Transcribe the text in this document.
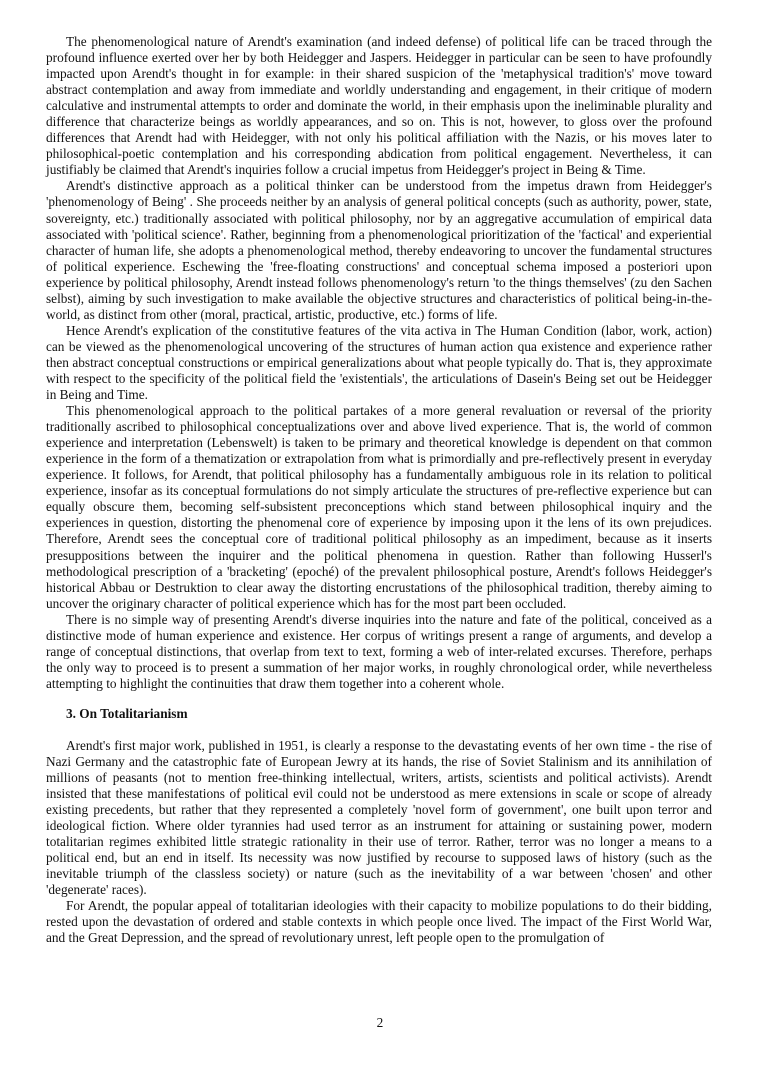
The phenomenological nature of Arendt's examination (and indeed defense) of political life can be traced through the profound influence exerted over her by both Heidegger and Jaspers. Heidegger in particular can be seen to have profoundly impacted upon Arendt's thought in for example: in their shared suspicion of the 'metaphysical tradition's' move toward abstract contemplation and away from immediate and worldly understanding and engagement, in their critique of modern calculative and instrumental attempts to order and dominate the world, in their emphasis upon the ineliminable plurality and difference that characterize beings as worldly appearances, and so on. This is not, however, to gloss over the profound differences that Arendt had with Heidegger, with not only his political affiliation with the Nazis, or his moves later to philosophical-poetic contemplation and his corresponding abdication from political engagement. Nevertheless, it can justifiably be claimed that Arendt's inquiries follow a crucial impetus from Heidegger's project in Being & Time.

Arendt's distinctive approach as a political thinker can be understood from the impetus drawn from Heidegger's 'phenomenology of Being' . She proceeds neither by an analysis of general political concepts (such as authority, power, state, sovereignty, etc.) traditionally associated with political philosophy, nor by an aggregative accumulation of empirical data associated with 'political science'. Rather, beginning from a phenomenological prioritization of the 'factical' and experiential character of human life, she adopts a phenomenological method, thereby endeavoring to uncover the fundamental structures of political experience. Eschewing the 'free-floating constructions' and conceptual schema imposed a posteriori upon experience by political philosophy, Arendt instead follows phenomenology's return 'to the things themselves' (zu den Sachen selbst), aiming by such investigation to make available the objective structures and characteristics of political being-in-the-world, as distinct from other (moral, practical, artistic, productive, etc.) forms of life.

Hence Arendt's explication of the constitutive features of the vita activa in The Human Condition (labor, work, action) can be viewed as the phenomenological uncovering of the structures of human action qua existence and experience rather then abstract conceptual constructions or empirical generalizations about what people typically do. That is, they approximate with respect to the specificity of the political field the 'existentials', the articulations of Dasein's Being set out be Heidegger in Being and Time.

This phenomenological approach to the political partakes of a more general revaluation or reversal of the priority traditionally ascribed to philosophical conceptualizations over and above lived experience. That is, the world of common experience and interpretation (Lebenswelt) is taken to be primary and theoretical knowledge is dependent on that common experience in the form of a thematization or extrapolation from what is primordially and pre-reflectively present in everyday experience. It follows, for Arendt, that political philosophy has a fundamentally ambiguous role in its relation to political experience, insofar as its conceptual formulations do not simply articulate the structures of pre-reflective experience but can equally obscure them, becoming self-subsistent preconceptions which stand between philosophical inquiry and the experiences in question, distorting the phenomenal core of experience by imposing upon it the lens of its own prejudices. Therefore, Arendt sees the conceptual core of traditional political philosophy as an impediment, because as it inserts presuppositions between the inquirer and the political phenomena in question. Rather than following Husserl's methodological prescription of a 'bracketing' (epoché) of the prevalent philosophical posture, Arendt's follows Heidegger's historical Abbau or Destruktion to clear away the distorting encrustations of the philosophical tradition, thereby aiming to uncover the originary character of political experience which has for the most part been occluded.

There is no simple way of presenting Arendt's diverse inquiries into the nature and fate of the political, conceived as a distinctive mode of human experience and existence. Her corpus of writings present a range of arguments, and develop a range of conceptual distinctions, that overlap from text to text, forming a web of inter-related excurses. Therefore, perhaps the only way to proceed is to present a summation of her major works, in roughly chronological order, while nevertheless attempting to highlight the continuities that draw them together into a coherent whole.

3. On Totalitarianism

Arendt's first major work, published in 1951, is clearly a response to the devastating events of her own time - the rise of Nazi Germany and the catastrophic fate of European Jewry at its hands, the rise of Soviet Stalinism and its annihilation of millions of peasants (not to mention free-thinking intellectual, writers, artists, scientists and political activists). Arendt insisted that these manifestations of political evil could not be understood as mere extensions in scale or scope of already existing precedents, but rather that they represented a completely 'novel form of government', one built upon terror and ideological fiction. Where older tyrannies had used terror as an instrument for attaining or sustaining power, modern totalitarian regimes exhibited little strategic rationality in their use of terror. Rather, terror was no longer a means to a political end, but an end in itself. Its necessity was now justified by recourse to supposed laws of history (such as the inevitable triumph of the classless society) or nature (such as the inevitability of a war between 'chosen' and other 'degenerate' races).

For Arendt, the popular appeal of totalitarian ideologies with their capacity to mobilize populations to do their bidding, rested upon the devastation of ordered and stable contexts in which people once lived. The impact of the First World War, and the Great Depression, and the spread of revolutionary unrest, left people open to the promulgation of

2
